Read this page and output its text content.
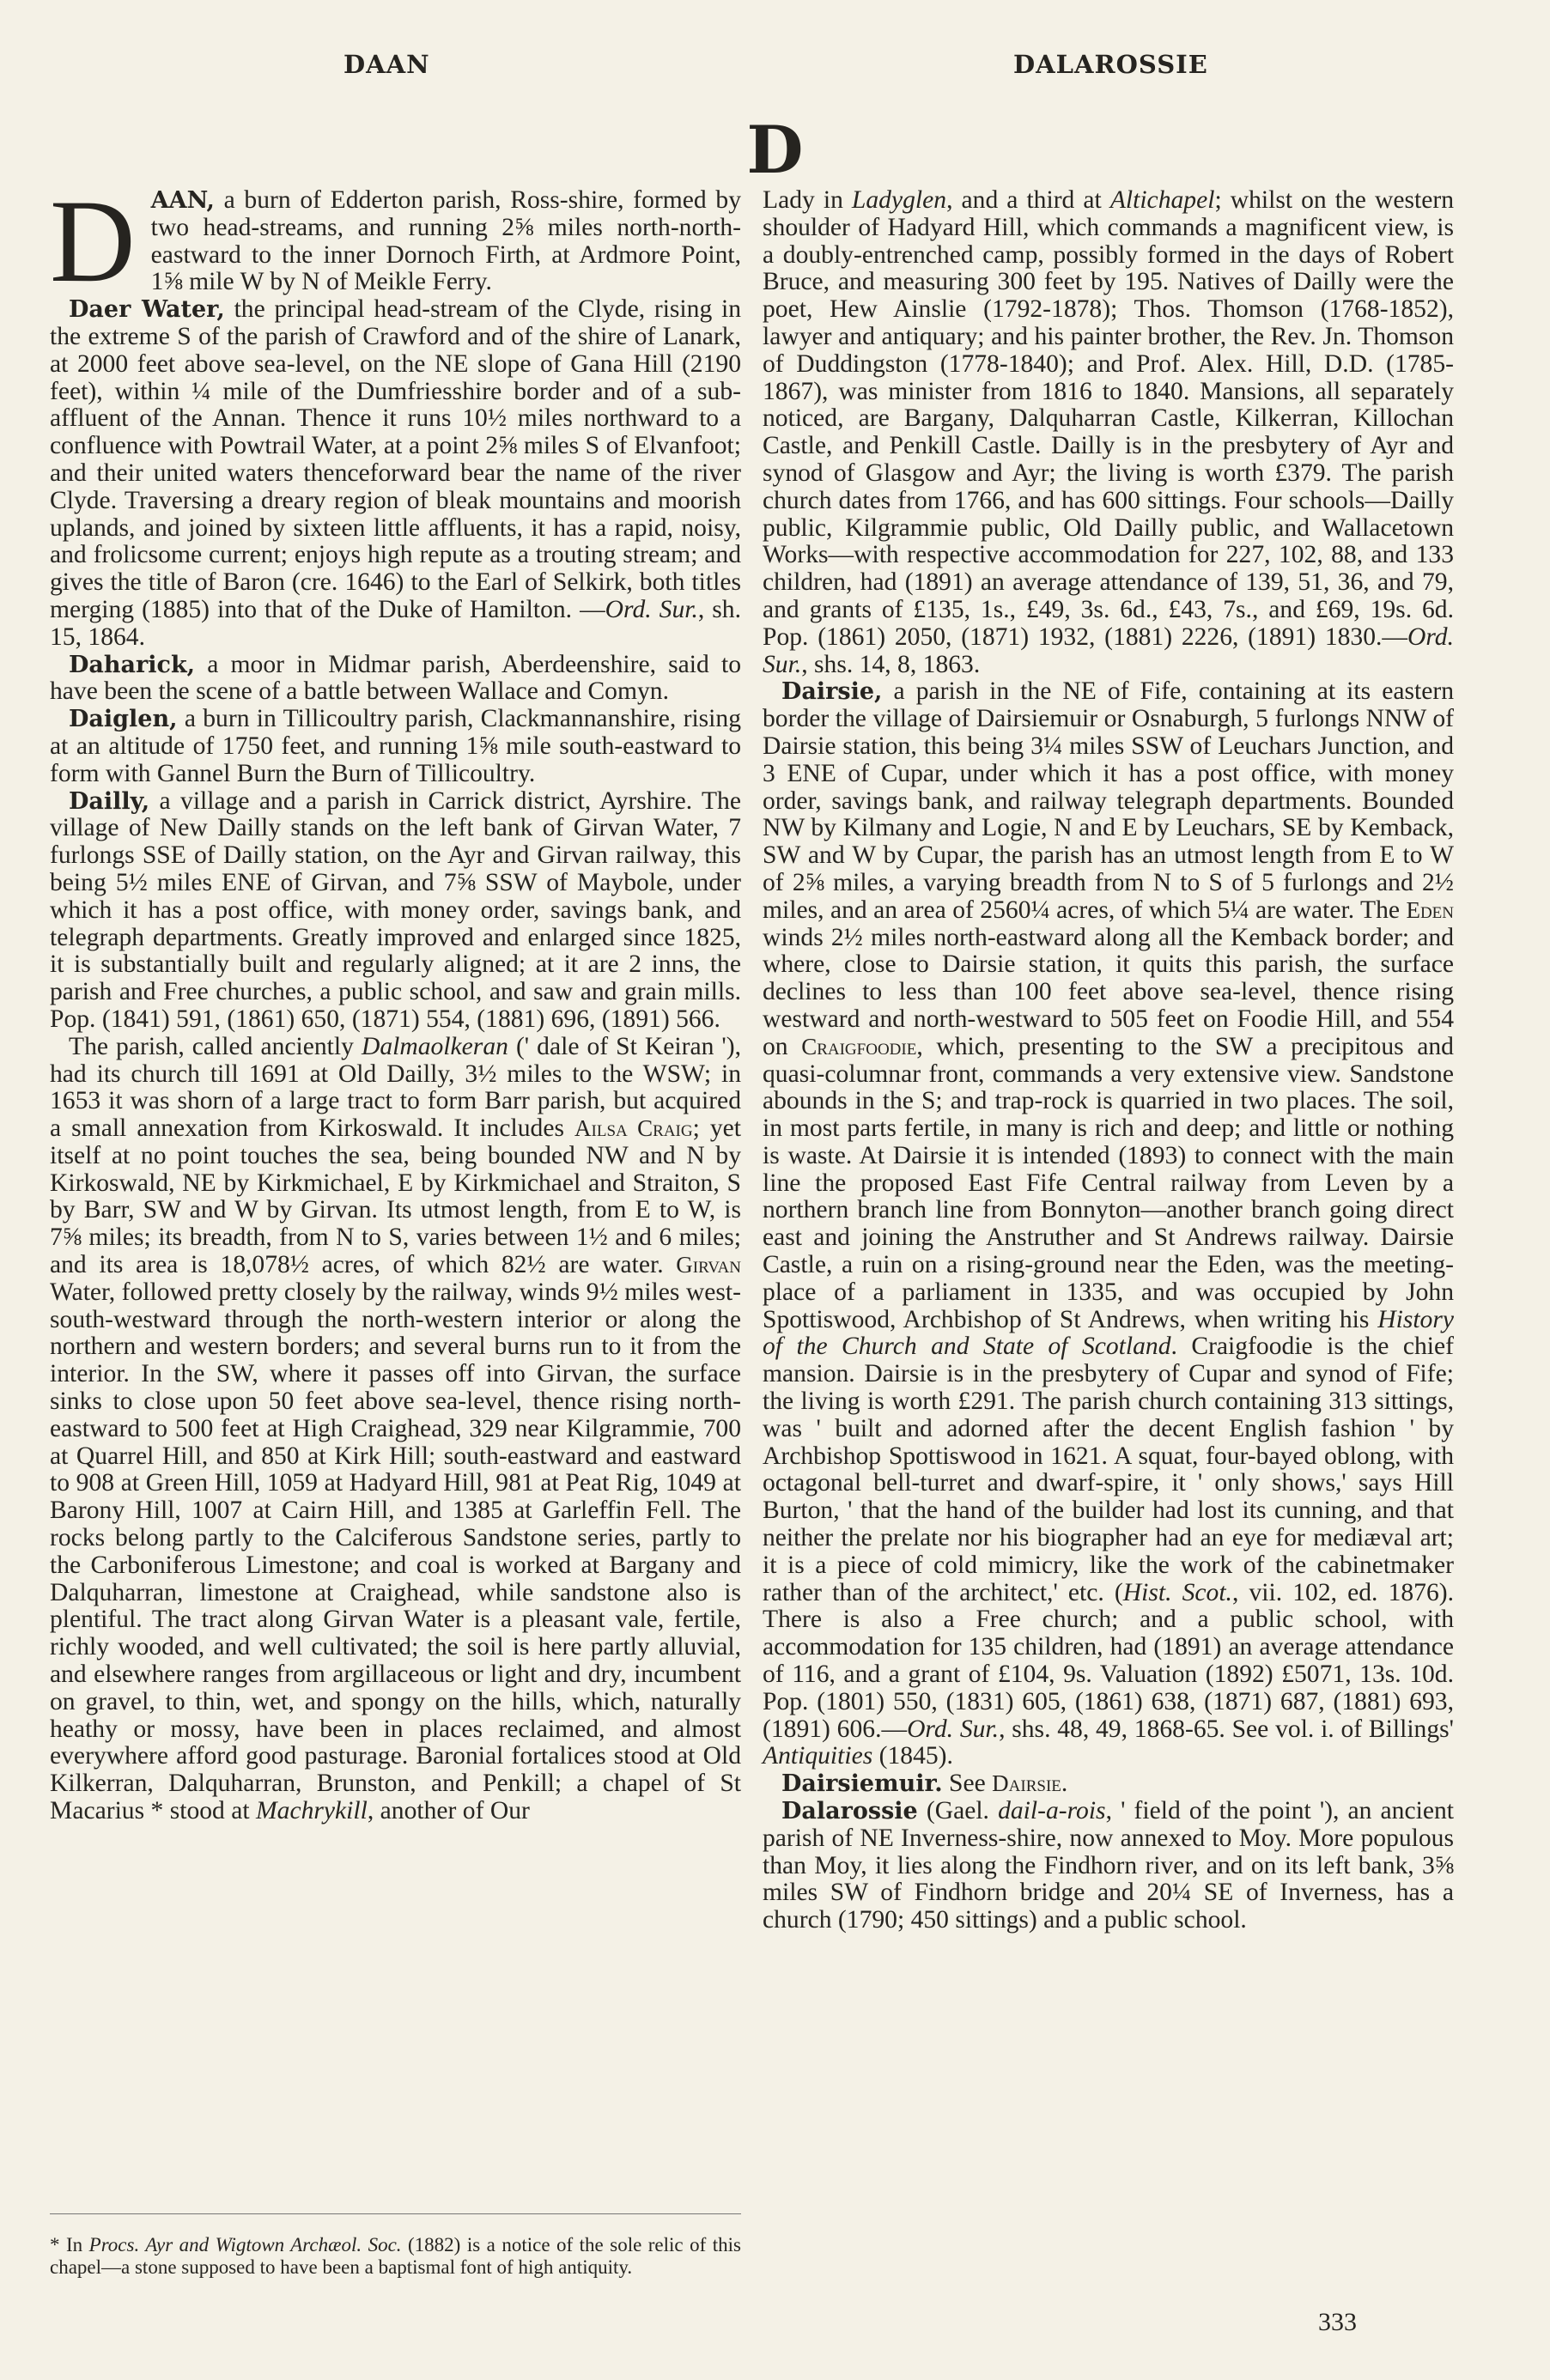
DAAN	DALAROSSIE
D

DAAN, a burn of Edderton parish, Ross-shire, formed by two head-streams, and running 2⅝ miles north-north-eastward to the inner Dornoch Firth, at Ardmore Point, 1⅝ mile W by N of Meikle Ferry.

Daer Water, the principal head-stream of the Clyde, rising in the extreme S of the parish of Crawford and of the shire of Lanark, at 2000 feet above sea-level, on the NE slope of Gana Hill (2190 feet), within ¼ mile of the Dumfriesshire border and of a sub-affluent of the Annan. Thence it runs 10½ miles northward to a confluence with Powtrail Water, at a point 2⅝ miles S of Elvanfoot; and their united waters thenceforward bear the name of the river Clyde. Traversing a dreary region of bleak mountains and moorish uplands, and joined by sixteen little affluents, it has a rapid, noisy, and frolicsome current; enjoys high repute as a trouting stream; and gives the title of Baron (cre. 1646) to the Earl of Selkirk, both titles merging (1885) into that of the Duke of Hamilton. —Ord. Sur., sh. 15, 1864.

Daharick, a moor in Midmar parish, Aberdeenshire, said to have been the scene of a battle between Wallace and Comyn.

Daiglen, a burn in Tillicoultry parish, Clackmannanshire, rising at an altitude of 1750 feet, and running 1⅝ mile south-eastward to form with Gannel Burn the Burn of Tillicoultry.

Dailly, a village and a parish in Carrick district, Ayrshire. The village of New Dailly stands on the left bank of Girvan Water, 7 furlongs SSE of Dailly station, on the Ayr and Girvan railway, this being 5½ miles ENE of Girvan, and 7⅝ SSW of Maybole, under which it has a post office, with money order, savings bank, and telegraph departments. Greatly improved and enlarged since 1825, it is substantially built and regularly aligned; at it are 2 inns, the parish and Free churches, a public school, and saw and grain mills. Pop. (1841) 591, (1861) 650, (1871) 554, (1881) 696, (1891) 566.

The parish, called anciently Dalmaolkeran (' dale of St Keiran '), had its church till 1691 at Old Dailly, 3½ miles to the WSW; in 1653 it was shorn of a large tract to form Barr parish, but acquired a small annexation from Kirkoswald. It includes Ailsa Craig; yet itself at no point touches the sea, being bounded NW and N by Kirkoswald, NE by Kirkmichael, E by Kirkmichael and Straiton, S by Barr, SW and W by Girvan. Its utmost length, from E to W, is 7⅝ miles; its breadth, from N to S, varies between 1½ and 6 miles; and its area is 18,078½ acres, of which 82½ are water. Girvan Water, followed pretty closely by the railway, winds 9½ miles west-south-westward through the north-western interior or along the northern and western borders; and several burns run to it from the interior. In the SW, where it passes off into Girvan, the surface sinks to close upon 50 feet above sea-level, thence rising north-eastward to 500 feet at High Craighead, 329 near Kilgrammie, 700 at Quarrel Hill, and 850 at Kirk Hill; south-eastward and eastward to 908 at Green Hill, 1059 at Hadyard Hill, 981 at Peat Rig, 1049 at Barony Hill, 1007 at Cairn Hill, and 1385 at Garleffin Fell. The rocks belong partly to the Calciferous Sandstone series, partly to the Carboniferous Limestone; and coal is worked at Bargany and Dalquharran, limestone at Craighead, while sandstone also is plentiful. The tract along Girvan Water is a pleasant vale, fertile, richly wooded, and well cultivated; the soil is here partly alluvial, and elsewhere ranges from argillaceous or light and dry, incumbent on gravel, to thin, wet, and spongy on the hills, which, naturally heathy or mossy, have been in places reclaimed, and almost everywhere afford good pasturage. Baronial fortalices stood at Old Kilkerran, Dalquharran, Brunston, and Penkill; a chapel of St Macarius * stood at Machrykill, another of Our

* In Procs. Ayr and Wigtown Archæol. Soc. (1882) is a notice of the sole relic of this chapel—a stone supposed to have been a baptismal font of high antiquity.

Lady in Ladyglen, and a third at Altichapel; whilst on the western shoulder of Hadyard Hill, which commands a magnificent view, is a doubly-entrenched camp, possibly formed in the days of Robert Bruce, and measuring 300 feet by 195. Natives of Dailly were the poet, Hew Ainslie (1792-1878); Thos. Thomson (1768-1852), lawyer and antiquary; and his painter brother, the Rev. Jn. Thomson of Duddingston (1778-1840); and Prof. Alex. Hill, D.D. (1785-1867), was minister from 1816 to 1840. Mansions, all separately noticed, are Bargany, Dalquharran Castle, Kilkerran, Killochan Castle, and Penkill Castle. Dailly is in the presbytery of Ayr and synod of Glasgow and Ayr; the living is worth £379. The parish church dates from 1766, and has 600 sittings. Four schools—Dailly public, Kilgrammie public, Old Dailly public, and Wallacetown Works—with respective accommodation for 227, 102, 88, and 133 children, had (1891) an average attendance of 139, 51, 36, and 79, and grants of £135, 1s., £49, 3s. 6d., £43, 7s., and £69, 19s. 6d. Pop. (1861) 2050, (1871) 1932, (1881) 2226, (1891) 1830.—Ord. Sur., shs. 14, 8, 1863.

Dairsie, a parish in the NE of Fife, containing at its eastern border the village of Dairsiemuir or Osnaburgh, 5 furlongs NNW of Dairsie station, this being 3¼ miles SSW of Leuchars Junction, and 3 ENE of Cupar, under which it has a post office, with money order, savings bank, and railway telegraph departments. Bounded NW by Kilmany and Logie, N and E by Leuchars, SE by Kemback, SW and W by Cupar, the parish has an utmost length from E to W of 2⅝ miles, a varying breadth from N to S of 5 furlongs and 2½ miles, and an area of 2560¼ acres, of which 5¼ are water. The Eden winds 2½ miles north-eastward along all the Kemback border; and where, close to Dairsie station, it quits this parish, the surface declines to less than 100 feet above sea-level, thence rising westward and north-westward to 505 feet on Foodie Hill, and 554 on Craigfoodie, which, presenting to the SW a precipitous and quasi-columnar front, commands a very extensive view. Sandstone abounds in the S; and trap-rock is quarried in two places. The soil, in most parts fertile, in many is rich and deep; and little or nothing is waste. At Dairsie it is intended (1893) to connect with the main line the proposed East Fife Central railway from Leven by a northern branch line from Bonnyton—another branch going direct east and joining the Anstruther and St Andrews railway. Dairsie Castle, a ruin on a rising-ground near the Eden, was the meeting-place of a parliament in 1335, and was occupied by John Spottiswood, Archbishop of St Andrews, when writing his History of the Church and State of Scotland. Craigfoodie is the chief mansion. Dairsie is in the presbytery of Cupar and synod of Fife; the living is worth £291. The parish church containing 313 sittings, was ' built and adorned after the decent English fashion ' by Archbishop Spottiswood in 1621. A squat, four-bayed oblong, with octagonal bell-turret and dwarf-spire, it ' only shows,' says Hill Burton, ' that the hand of the builder had lost its cunning, and that neither the prelate nor his biographer had an eye for mediæval art; it is a piece of cold mimicry, like the work of the cabinetmaker rather than of the architect,' etc. (Hist. Scot., vii. 102, ed. 1876). There is also a Free church; and a public school, with accommodation for 135 children, had (1891) an average attendance of 116, and a grant of £104, 9s. Valuation (1892) £5071, 13s. 10d. Pop. (1801) 550, (1831) 605, (1861) 638, (1871) 687, (1881) 693, (1891) 606.—Ord. Sur., shs. 48, 49, 1868-65. See vol. i. of Billings' Antiquities (1845).

Dairsiemuir. See Dairsie.

Dalarossie (Gael. dail-a-rois, ' field of the point '), an ancient parish of NE Inverness-shire, now annexed to Moy. More populous than Moy, it lies along the Findhorn river, and on its left bank, 3⅝ miles SW of Findhorn bridge and 20¼ SE of Inverness, has a church (1790; 450 sittings) and a public school.

333
